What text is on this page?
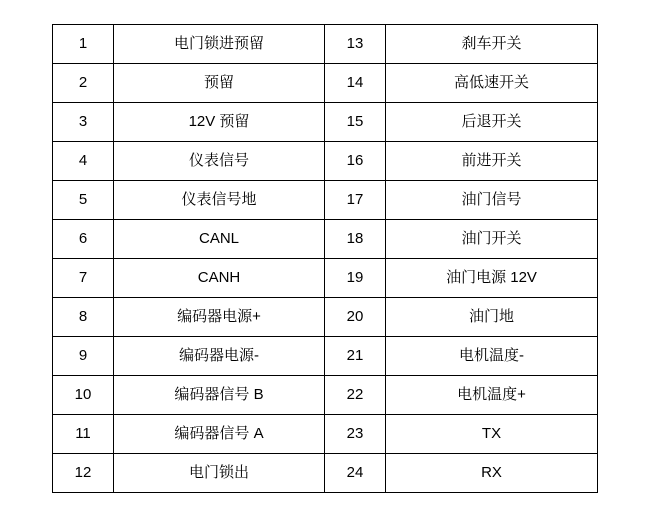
1	电门锁进预留	13	刹车开关
2	预留	14	高低速开关
3	12V 预留	15	后退开关
4	仪表信号	16	前进开关
5	仪表信号地	17	油门信号
6	CANL	18	油门开关
7	CANH	19	油门电源 12V
8	编码器电源+	20	油门地
9	编码器电源-	21	电机温度-
10	编码器信号 B	22	电机温度+
11	编码器信号 A	23	TX
12	电门锁出	24	RX
